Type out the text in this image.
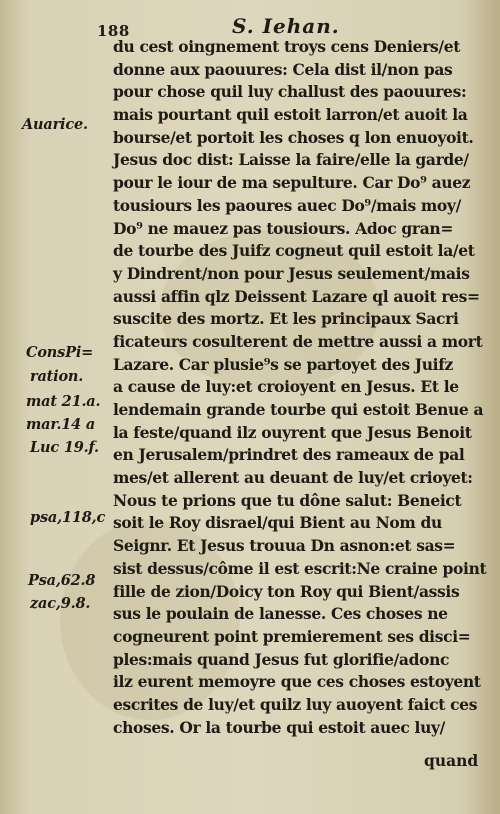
188	S. Iehan.
Auarice.
ConsPi=
ration.
mat 21.a.
mar.14 a
Luc 19.f.
psa,118,c
Psa,62.8
zac,9.8.
du cest oingnement troys cens Deniers/et
donne aux paouures: Cela dist il/non pas
pour chose quil luy challust des paouures:
mais pourtant quil estoit larron/et auoit la
bourse/et portoit les choses q lon enuoyoit.
Jesus doc dist: Laisse la faire/elle la garde/
pour le iour de ma sepulture. Car Do⁹ auez
tousiours les paoures auec Do⁹/mais moy/
Do⁹ ne mauez pas tousiours. Adoc gran=
de tourbe des Juifz cogneut quil estoit la/et
y Dindrent/non pour Jesus seulement/mais
aussi affin qlz Deissent Lazare ql auoit res=
suscite des mortz. Et les principaux Sacri
ficateurs cosulterent de mettre aussi a mort
Lazare. Car plusie⁹s se partoyet des Juifz
a cause de luy:et croioyent en Jesus. Et le
lendemain grande tourbe qui estoit Benue a
la feste/quand ilz ouyrent que Jesus Benoit
en Jerusalem/prindret des rameaux de pal
mes/et allerent au deuant de luy/et crioyet:
Nous te prions que tu dône salut: Beneict
soit le Roy disrael/qui Bient au Nom du
Seignr. Et Jesus trouua Dn asnon:et sas=
sist dessus/côme il est escrit:Ne craine point
fille de zion/Doicy ton Roy qui Bient/assis
sus le poulain de lanesse. Ces choses ne
cogneurent point premierement ses disci=
ples:mais quand Jesus fut glorifie/adonc
ilz eurent memoyre que ces choses estoyent
escrites de luy/et quilz luy auoyent faict ces
choses. Or la tourbe qui estoit auec luy/
quand
